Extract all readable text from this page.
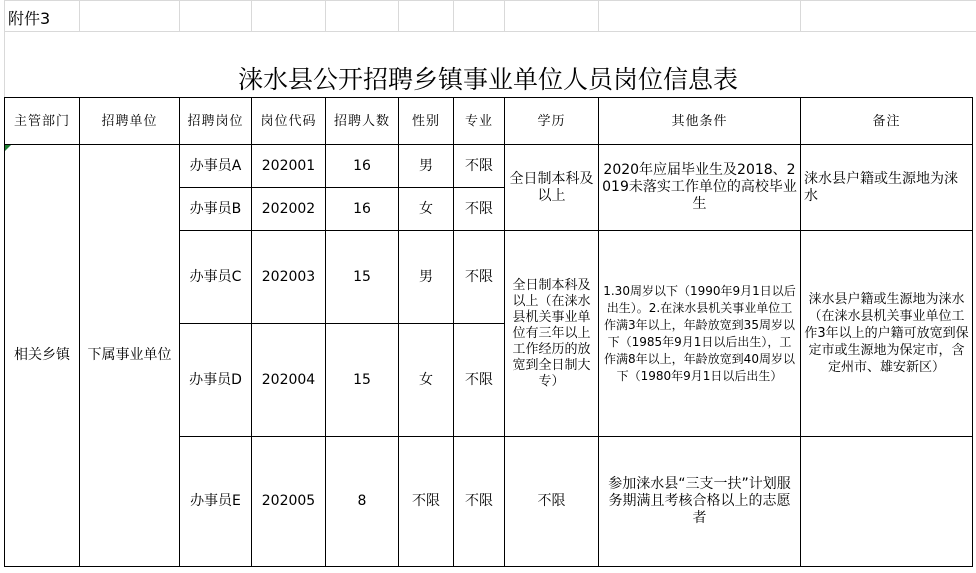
附件3
涞水县公开招聘乡镇事业单位人员岗位信息表
主管部门	招聘单位	招聘岗位	岗位代码	招聘人数	性别	专业	学历	其他条件	备注
相关乡镇	下属事业单位	办事员A	202001	16	男	不限	全日制本科及以上	2020年应届毕业生及2018、2019未落实工作单位的高校毕业生	涞水县户籍或生源地为涞水
		办事员B	202002	16	女	不限			
		办事员C	202003	15	男	不限	全日制本科及以上（在涞水县机关事业单位有三年以上工作经历的放宽到全日制大专）	1.30周岁以下（1990年9月1日以后出生）。2.在涞水县机关事业单位工作满3年以上，年龄放宽到35周岁以下（1985年9月1日以后出生），工作满8年以上，年龄放宽到40周岁以下（1980年9月1日以后出生）	涞水县户籍或生源地为涞水（在涞水县机关事业单位工作3年以上的户籍可放宽到保定市或生源地为保定市，含定州市、雄安新区）
		办事员D	202004	15	女	不限			
		办事员E	202005	8	不限	不限	不限	参加涞水县“三支一扶”计划服务期满且考核合格以上的志愿者	
